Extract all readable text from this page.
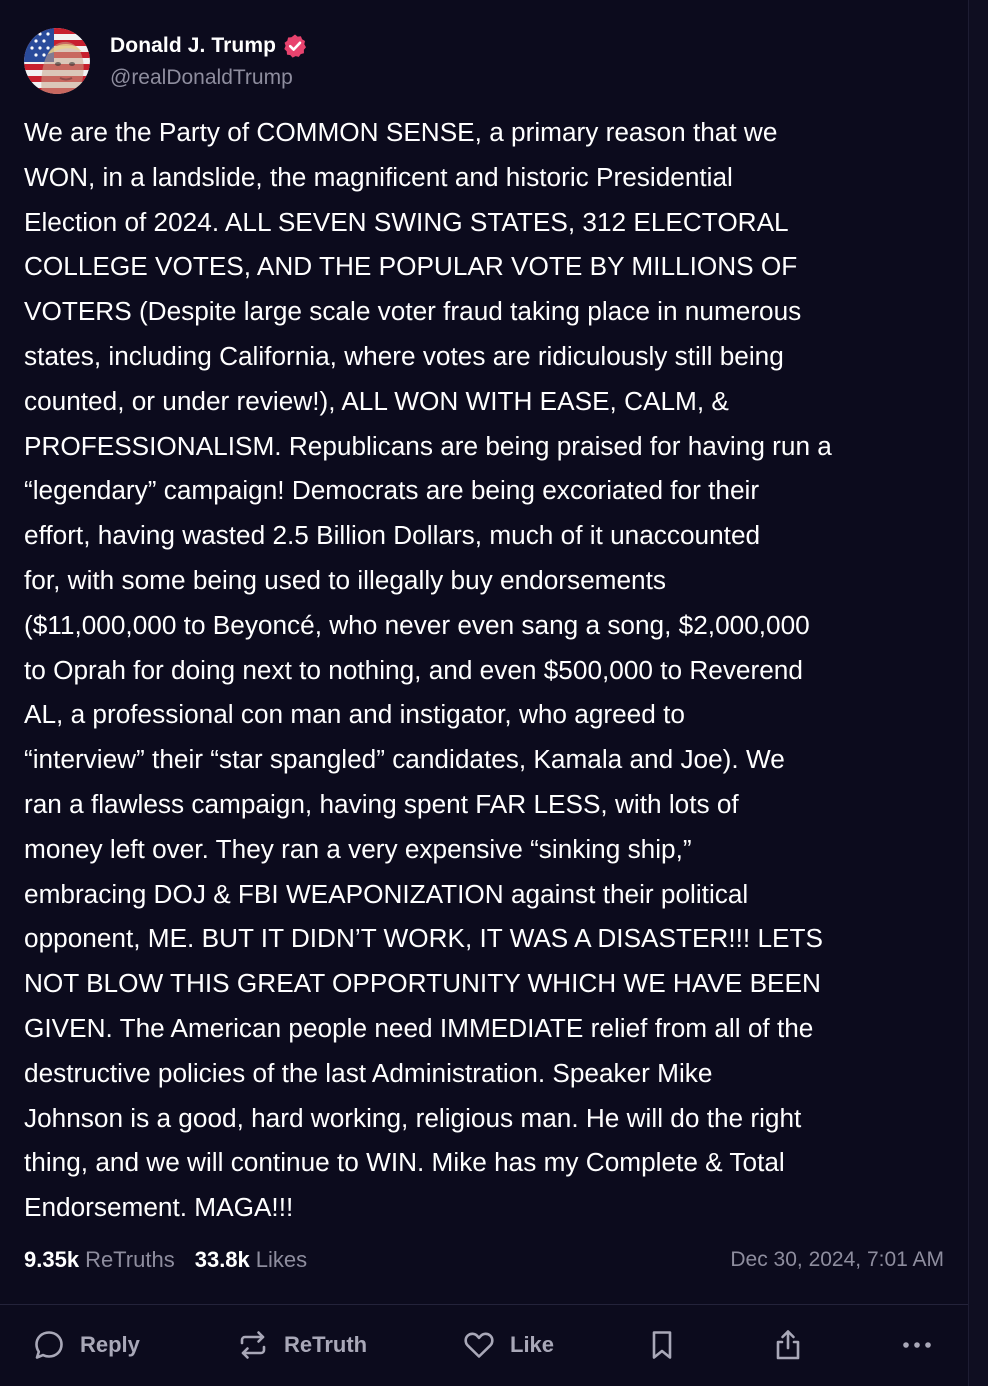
Donald J. Trump
@realDonaldTrump
We are the Party of COMMON SENSE, a primary reason that we
WON, in a landslide, the magnificent and historic Presidential
Election of 2024. ALL SEVEN SWING STATES, 312 ELECTORAL
COLLEGE VOTES, AND THE POPULAR VOTE BY MILLIONS OF
VOTERS (Despite large scale voter fraud taking place in numerous
states, including California, where votes are ridiculously still being
counted, or under review!), ALL WON WITH EASE, CALM, &
PROFESSIONALISM. Republicans are being praised for having run a
“legendary” campaign! Democrats are being excoriated for their
effort, having wasted 2.5 Billion Dollars, much of it unaccounted
for, with some being used to illegally buy endorsements
($11,000,000 to Beyoncé, who never even sang a song, $2,000,000
to Oprah for doing next to nothing, and even $500,000 to Reverend
AL, a professional con man and instigator, who agreed to
“interview” their “star spangled” candidates, Kamala and Joe). We
ran a flawless campaign, having spent FAR LESS, with lots of
money left over. They ran a very expensive “sinking ship,”
embracing DOJ & FBI WEAPONIZATION against their political
opponent, ME. BUT IT DIDN’T WORK, IT WAS A DISASTER!!! LETS
NOT BLOW THIS GREAT OPPORTUNITY WHICH WE HAVE BEEN
GIVEN. The American people need IMMEDIATE relief from all of the
destructive policies of the last Administration. Speaker Mike
Johnson is a good, hard working, religious man. He will do the right
thing, and we will continue to WIN. Mike has my Complete & Total
Endorsement. MAGA!!!
9.35k ReTruths 33.8k Likes	Dec 30, 2024, 7:01 AM
Reply	ReTruth	Like
